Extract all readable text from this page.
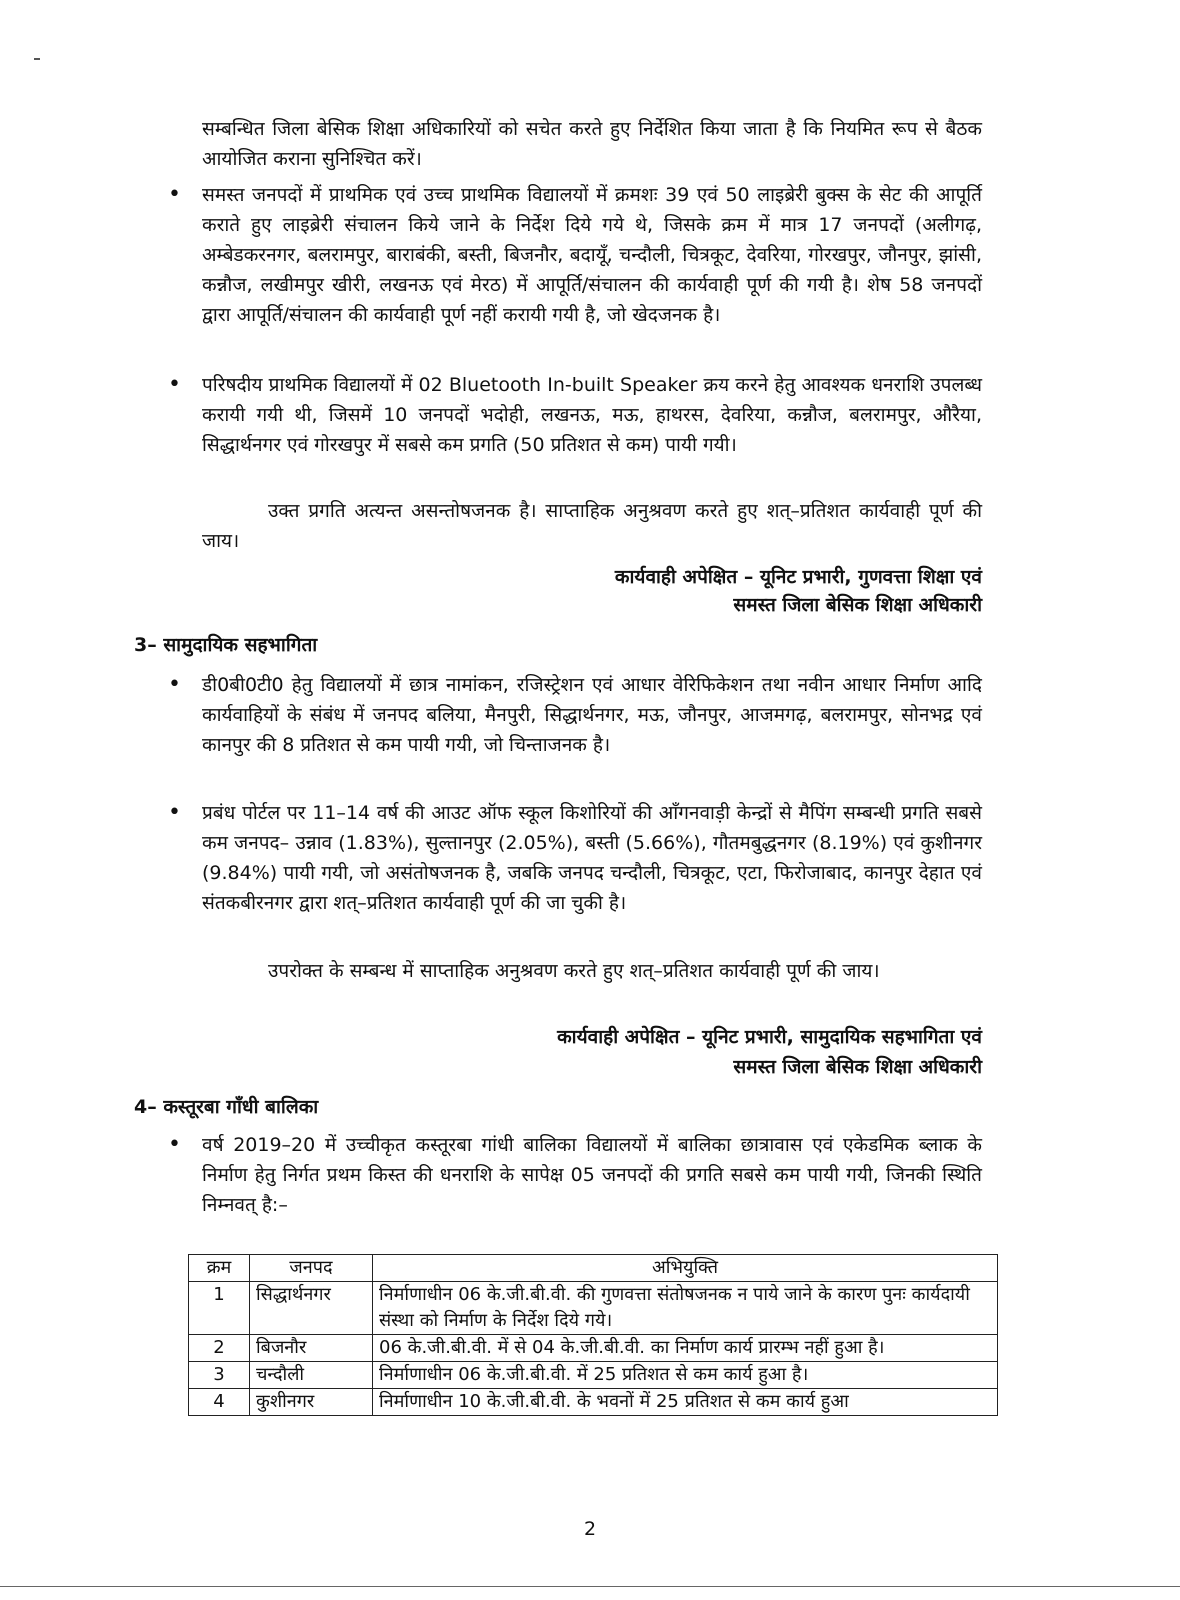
सम्बन्धित जिला बेसिक शिक्षा अधिकारियों को सचेत करते हुए निर्देशित किया जाता है कि नियमित रूप से बैठक आयोजित कराना सुनिश्चित करें।
• समस्त जनपदों में प्राथमिक एवं उच्च प्राथमिक विद्यालयों में क्रमशः 39 एवं 50 लाइब्रेरी बुक्स के सेट की आपूर्ति कराते हुए लाइब्रेरी संचालन किये जाने के निर्देश दिये गये थे, जिसके क्रम में मात्र 17 जनपदों (अलीगढ़, अम्बेडकरनगर, बलरामपुर, बाराबंकी, बस्ती, बिजनौर, बदायूँ, चन्दौली, चित्रकूट, देवरिया, गोरखपुर, जौनपुर, झांसी, कन्नौज, लखीमपुर खीरी, लखनऊ एवं मेरठ) में आपूर्ति/संचालन की कार्यवाही पूर्ण की गयी है। शेष 58 जनपदों द्वारा आपूर्ति/संचालन की कार्यवाही पूर्ण नहीं करायी गयी है, जो खेदजनक है।
• परिषदीय प्राथमिक विद्यालयों में 02 Bluetooth In-built Speaker क्रय करने हेतु आवश्यक धनराशि उपलब्ध करायी गयी थी, जिसमें 10 जनपदों भदोही, लखनऊ, मऊ, हाथरस, देवरिया, कन्नौज, बलरामपुर, औरैया, सिद्धार्थनगर एवं गोरखपुर में सबसे कम प्रगति (50 प्रतिशत से कम) पायी गयी।
उक्त प्रगति अत्यन्त असन्तोषजनक है। साप्ताहिक अनुश्रवण करते हुए शत्–प्रतिशत कार्यवाही पूर्ण की जाय।
कार्यवाही अपेक्षित – यूनिट प्रभारी, गुणवत्ता शिक्षा एवं
समस्त जिला बेसिक शिक्षा अधिकारी
3– सामुदायिक सहभागिता
• डी0बी0टी0 हेतु विद्यालयों में छात्र नामांकन, रजिस्ट्रेशन एवं आधार वेरिफिकेशन तथा नवीन आधार निर्माण आदि कार्यवाहियों के संबंध में जनपद बलिया, मैनपुरी, सिद्धार्थनगर, मऊ, जौनपुर, आजमगढ़, बलरामपुर, सोनभद्र एवं कानपुर की 8 प्रतिशत से कम पायी गयी, जो चिन्ताजनक है।
• प्रबंध पोर्टल पर 11–14 वर्ष की आउट ऑफ स्कूल किशोरियों की आँगनवाड़ी केन्द्रों से मैपिंग सम्बन्धी प्रगति सबसे कम जनपद– उन्नाव (1.83%), सुल्तानपुर (2.05%), बस्ती (5.66%), गौतमबुद्धनगर (8.19%) एवं कुशीनगर (9.84%) पायी गयी, जो असंतोषजनक है, जबकि जनपद चन्दौली, चित्रकूट, एटा, फिरोजाबाद, कानपुर देहात एवं संतकबीरनगर द्वारा शत्–प्रतिशत कार्यवाही पूर्ण की जा चुकी है।
उपरोक्त के सम्बन्ध में साप्ताहिक अनुश्रवण करते हुए शत्–प्रतिशत कार्यवाही पूर्ण की जाय।
कार्यवाही अपेक्षित – यूनिट प्रभारी, सामुदायिक सहभागिता एवं
समस्त जिला बेसिक शिक्षा अधिकारी
4– कस्तूरबा गाँधी बालिका
• वर्ष 2019–20 में उच्चीकृत कस्तूरबा गांधी बालिका विद्यालयों में बालिका छात्रावास एवं एकेडमिक ब्लाक के निर्माण हेतु निर्गत प्रथम किस्त की धनराशि के सापेक्ष 05 जनपदों की प्रगति सबसे कम पायी गयी, जिनकी स्थिति निम्नवत् है:–
क्रम	जनपद	अभियुक्ति
1	सिद्धार्थनगर	निर्माणाधीन 06 के.जी.बी.वी. की गुणवत्ता संतोषजनक न पाये जाने के कारण पुनः कार्यदायी संस्था को निर्माण के निर्देश दिये गये।
2	बिजनौर	06 के.जी.बी.वी. में से 04 के.जी.बी.वी. का निर्माण कार्य प्रारम्भ नहीं हुआ है।
3	चन्दौली	निर्माणाधीन 06 के.जी.बी.वी. में 25 प्रतिशत से कम कार्य हुआ है।
4	कुशीनगर	निर्माणाधीन 10 के.जी.बी.वी. के भवनों में 25 प्रतिशत से कम कार्य हुआ
2
